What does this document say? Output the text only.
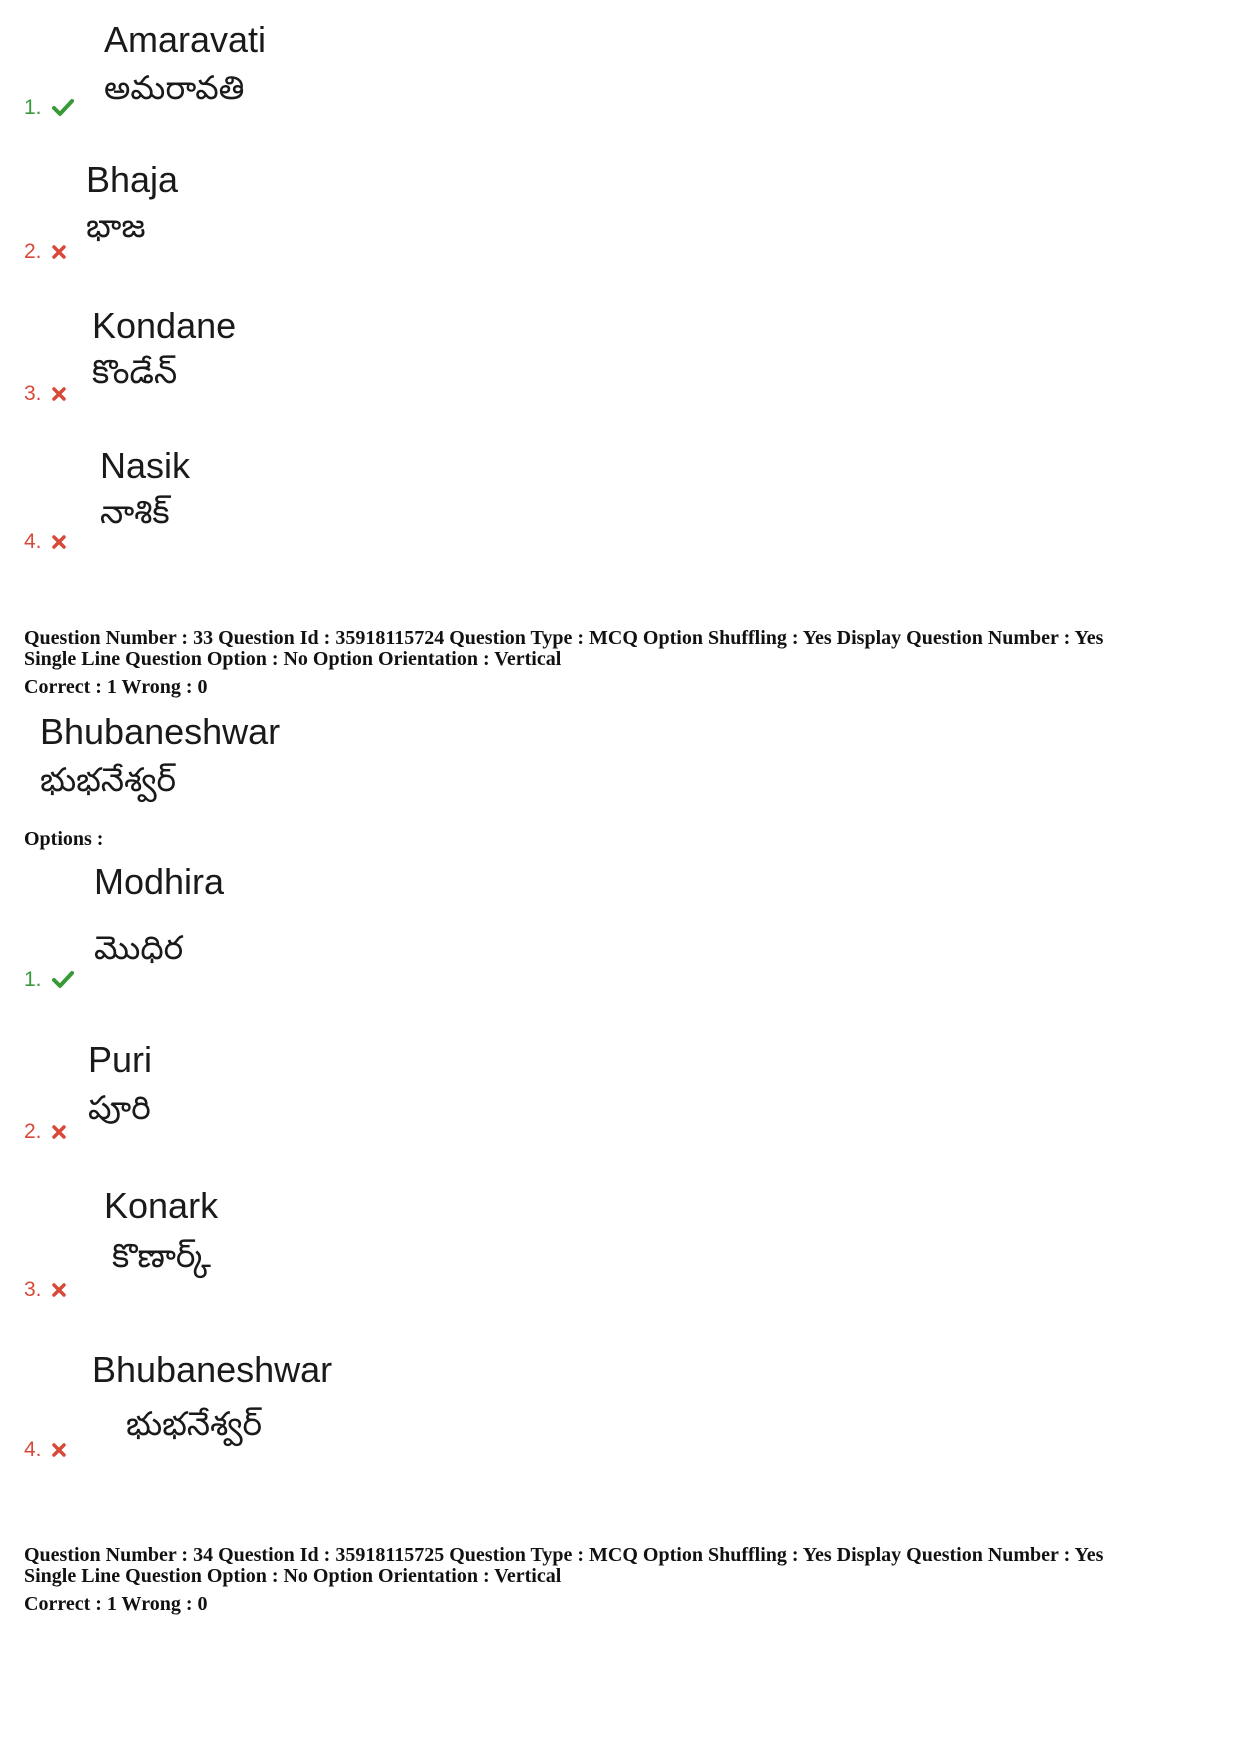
Amaravati
అమరావతి
1.
Bhaja
భాజ
2.
Kondane
కొండేన్
3.
Nasik
నాశిక్
4.
Question Number : 33 Question Id : 35918115724 Question Type : MCQ Option Shuffling : Yes Display Question Number : Yes
Single Line Question Option : No Option Orientation : Vertical
Correct : 1 Wrong : 0
Bhubaneshwar
భుభనేశ్వర్
Options :
Modhira
మొధిర
1.
Puri
పూరి
2.
Konark
కొణార్క్
3.
Bhubaneshwar
భుభనేశ్వర్
4.
Question Number : 34 Question Id : 35918115725 Question Type : MCQ Option Shuffling : Yes Display Question Number : Yes
Single Line Question Option : No Option Orientation : Vertical
Correct : 1 Wrong : 0
